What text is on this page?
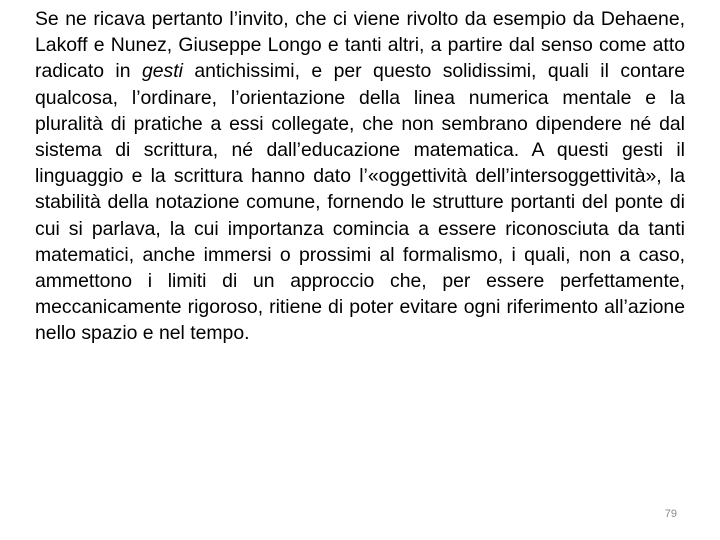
Se ne ricava pertanto l’invito, che ci viene rivolto da esempio da Dehaene, Lakoff e Nunez, Giuseppe Longo e tanti altri, a partire dal senso come atto radicato in gesti antichissimi, e per questo solidissimi, quali il contare qualcosa, l’ordinare, l’orientazione della linea numerica mentale e la pluralità di pratiche a essi collegate, che non sembrano dipendere né dal sistema di scrittura, né dall’educazione matematica. A questi gesti il linguaggio e la scrittura hanno dato l’«oggettività dell’intersoggettività», la stabilità della notazione comune, fornendo le strutture portanti del ponte di cui si parlava, la cui importanza comincia a essere riconosciuta da tanti matematici, anche immersi o prossimi al formalismo, i quali, non a caso, ammettono i limiti di un approccio che, per essere perfettamente, meccanicamente rigoroso, ritiene di poter evitare ogni riferimento all’azione nello spazio e nel tempo.

79
